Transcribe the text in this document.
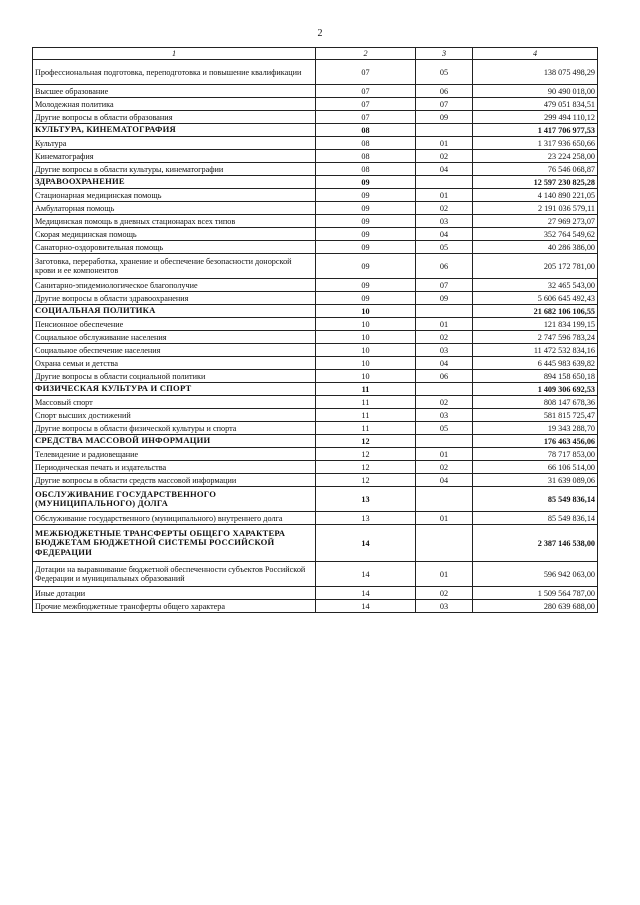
2
1	2	3	4
Профессиональная подготовка, переподготовка и повышение квалификации	07	05	138 075 498,29
Высшее образование	07	06	90 490 018,00
Молодежная политика	07	07	479 051 834,51
Другие вопросы в области образования	07	09	299 494 110,12
КУЛЬТУРА, КИНЕМАТОГРАФИЯ	08		1 417 706 977,53
Культура	08	01	1 317 936 650,66
Кинематография	08	02	23 224 258,00
Другие вопросы в области культуры, кинематографии	08	04	76 546 068,87
ЗДРАВООХРАНЕНИЕ	09		12 597 230 825,28
Стационарная медицинская помощь	09	01	4 140 890 221,05
Амбулаторная помощь	09	02	2 191 036 579,11
Медицинская помощь в дневных стационарах всех типов	09	03	27 969 273,07
Скорая медицинская помощь	09	04	352 764 549,62
Санаторно-оздоровительная помощь	09	05	40 286 386,00
Заготовка, переработка, хранение и обеспечение безопасности донорской крови и ее компонентов	09	06	205 172 781,00
Санитарно-эпидемиологическое благополучие	09	07	32 465 543,00
Другие вопросы в области здравоохранения	09	09	5 606 645 492,43
СОЦИАЛЬНАЯ ПОЛИТИКА	10		21 682 106 106,55
Пенсионное обеспечение	10	01	121 834 199,15
Социальное обслуживание населения	10	02	2 747 596 783,24
Социальное обеспечение населения	10	03	11 472 532 834,16
Охрана семьи и детства	10	04	6 445 983 639,82
Другие вопросы в области социальной политики	10	06	894 158 650,18
ФИЗИЧЕСКАЯ КУЛЬТУРА И СПОРТ	11		1 409 306 692,53
Массовый спорт	11	02	808 147 678,36
Спорт высших достижений	11	03	581 815 725,47
Другие вопросы в области физической культуры и спорта	11	05	19 343 288,70
СРЕДСТВА МАССОВОЙ ИНФОРМАЦИИ	12		176 463 456,06
Телевидение и радиовещание	12	01	78 717 853,00
Периодическая печать и издательства	12	02	66 106 514,00
Другие вопросы в области средств массовой информации	12	04	31 639 089,06
ОБСЛУЖИВАНИЕ ГОСУДАРСТВЕННОГО (МУНИЦИПАЛЬНОГО) ДОЛГА	13		85 549 836,14
Обслуживание государственного (муниципального) внутреннего долга	13	01	85 549 836,14
МЕЖБЮДЖЕТНЫЕ ТРАНСФЕРТЫ ОБЩЕГО ХАРАКТЕРА БЮДЖЕТАМ БЮДЖЕТНОЙ СИСТЕМЫ РОССИЙСКОЙ ФЕДЕРАЦИИ	14		2 387 146 538,00
Дотации на выравнивание бюджетной обеспеченности субъектов Российской Федерации и муниципальных образований	14	01	596 942 063,00
Иные дотации	14	02	1 509 564 787,00
Прочие межбюджетные трансферты общего характера	14	03	280 639 688,00
